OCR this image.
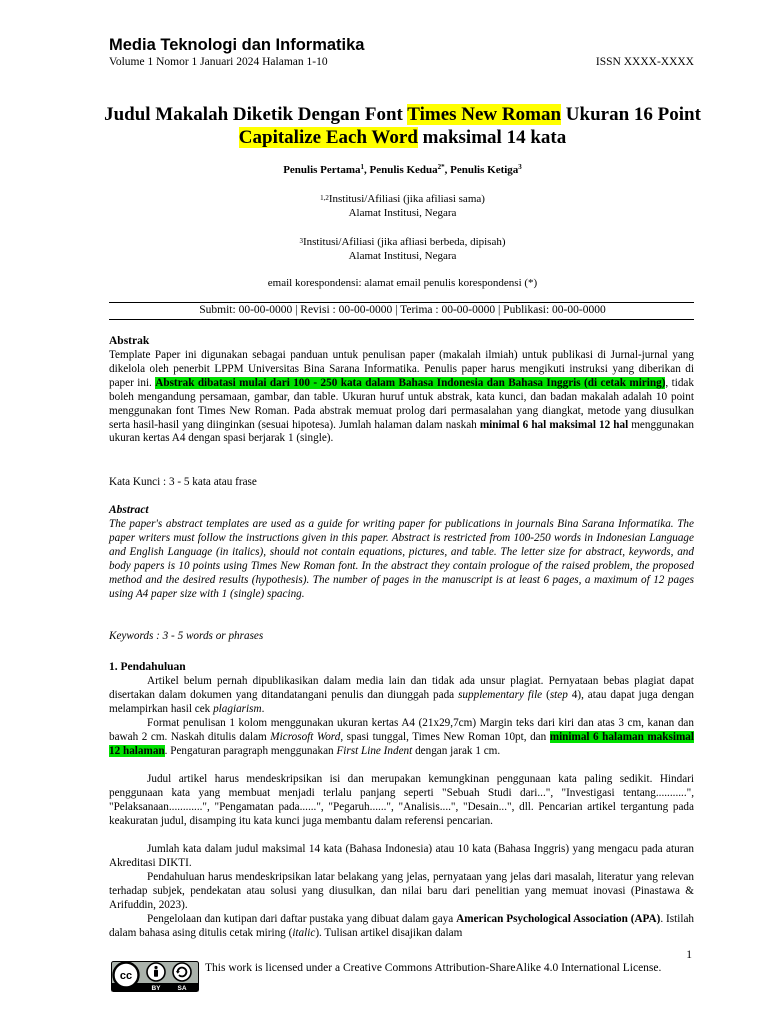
Media Teknologi dan Informatika
Volume 1 Nomor 1 Januari 2024 Halaman 1-10	ISSN XXXX-XXXX
Judul Makalah Diketik Dengan Font Times New Roman Ukuran 16 Point Capitalize Each Word maksimal 14 kata
Penulis Pertama$^1$, Penulis Kedua$^{2*}$, Penulis Ketiga$^3$
$^{1,2}$Institusi/Afiliasi (jika afiliasi sama)
Alamat Institusi, Negara
$^3$Institusi/Afiliasi (jika afliasi berbeda, dipisah)
Alamat Institusi, Negara
email korespondensi: alamat email penulis korespondensi (*)
Submit: 00-00-0000 | Revisi : 00-00-0000 | Terima : 00-00-0000 | Publikasi: 00-00-0000
Abstrak
Template Paper ini digunakan sebagai panduan untuk penulisan paper (makalah ilmiah) untuk publikasi di Jurnal-jurnal yang dikelola oleh penerbit LPPM Universitas Bina Sarana Informatika. Penulis paper harus mengikuti instruksi yang diberikan di paper ini. Abstrak dibatasi mulai dari 100 - 250 kata dalam Bahasa Indonesia dan Bahasa Inggris (di cetak miring), tidak boleh mengandung persamaan, gambar, dan table. Ukuran huruf untuk abstrak, kata kunci, dan badan makalah adalah 10 point menggunakan font Times New Roman. Pada abstrak memuat prolog dari permasalahan yang diangkat, metode yang diusulkan serta hasil-hasil yang diinginkan (sesuai hipotesa). Jumlah halaman dalam naskah minimal 6 hal maksimal 12 hal menggunakan ukuran kertas A4 dengan spasi berjarak 1 (single).
Kata Kunci : 3 - 5 kata atau frase
Abstract
The paper's abstract templates are used as a guide for writing paper for publications in journals Bina Sarana Informatika. The paper writers must follow the instructions given in this paper. Abstract is restricted from 100-250 words in Indonesian Language and English Language (in italics), should not contain equations, pictures, and table. The letter size for abstract, keywords, and body papers is 10 points using Times New Roman font. In the abstract they contain prologue of the raised problem, the proposed method and the desired results (hypothesis). The number of pages in the manuscript is at least 6 pages, a maximum of 12 pages using A4 paper size with 1 (single) spacing.
Keywords : 3 - 5 words or phrases
1. Pendahuluan
Artikel belum pernah dipublikasikan dalam media lain dan tidak ada unsur plagiat. Pernyataan bebas plagiat dapat disertakan dalam dokumen yang ditandatangani penulis dan diunggah pada supplementary file (step 4), atau dapat juga dengan melampirkan hasil cek plagiarism.
Format penulisan 1 kolom menggunakan ukuran kertas A4 (21x29,7cm) Margin teks dari kiri dan atas 3 cm, kanan dan bawah 2 cm. Naskah ditulis dalam Microsoft Word, spasi tunggal, Times New Roman 10pt, dan minimal 6 halaman maksimal 12 halaman. Pengaturan paragraph menggunakan First Line Indent dengan jarak 1 cm.
Judul artikel harus mendeskripsikan isi dan merupakan kemungkinan penggunaan kata paling sedikit. Hindari penggunaan kata yang membuat menjadi terlalu panjang seperti "Sebuah Studi dari...", "Investigasi tentang...........", "Pelaksanaan............", "Pengamatan pada......", "Pegaruh......", "Analisis....", "Desain...", dll. Pencarian artikel tergantung pada keakuratan judul, disamping itu kata kunci juga membantu dalam referensi pencarian.
Jumlah kata dalam judul maksimal 14 kata (Bahasa Indonesia) atau 10 kata (Bahasa Inggris) yang mengacu pada aturan Akreditasi DIKTI.
Pendahuluan harus mendeskripsikan latar belakang yang jelas, pernyataan yang jelas dari masalah, literatur yang relevan terhadap subjek, pendekatan atau solusi yang diusulkan, dan nilai baru dari penelitian yang memuat inovasi (Pinastawa & Arifuddin, 2023).
Pengelolaan dan kutipan dari daftar pustaka yang dibuat dalam gaya American Psychological Association (APA). Istilah dalam bahasa asing ditulis cetak miring (italic). Tulisan artikel disajikan dalam
1
cc
BY	SA
This work is licensed under a Creative Commons Attribution-ShareAlike 4.0 International License.
